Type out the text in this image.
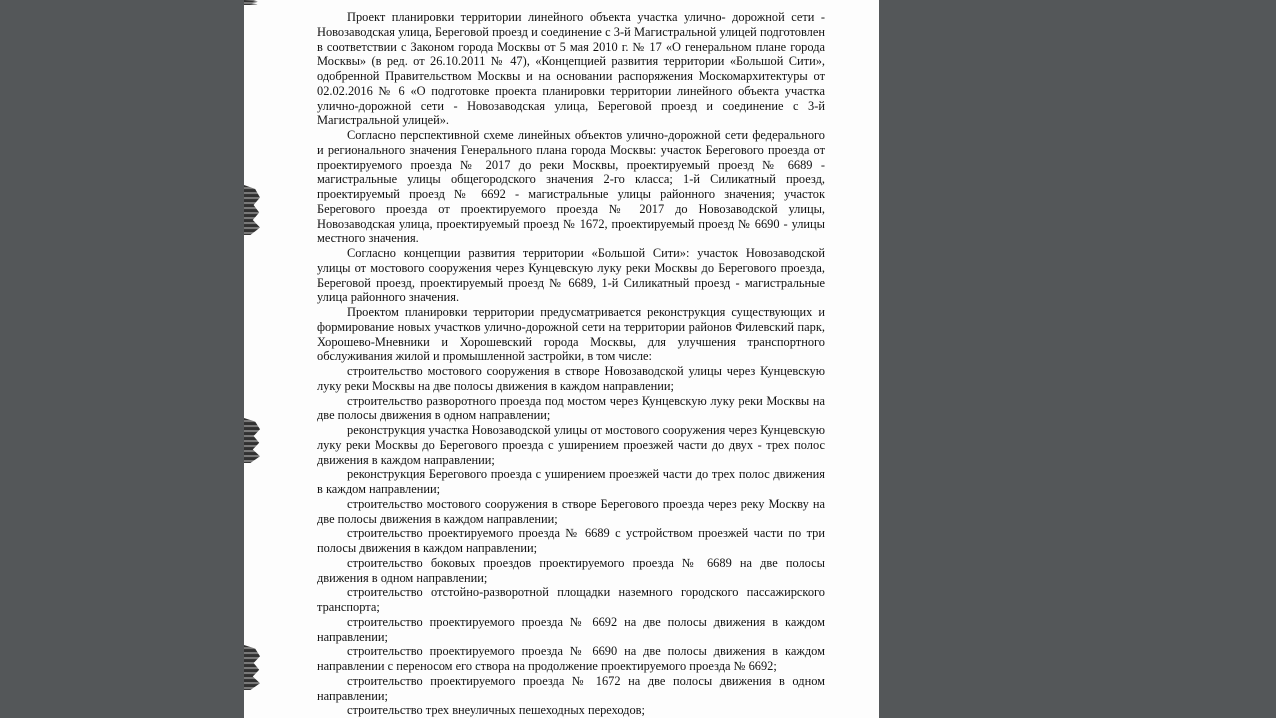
Проект планировки территории линейного объекта участка улично- дорожной сети - Новозаводская улица, Береговой проезд и соединение с 3-й Магистральной улицей подготовлен в соответствии с Законом города Москвы от 5 мая 2010 г. № 17 «О генеральном плане города Москвы» (в ред. от 26.10.2011 № 47), «Концепцией развития территории «Большой Сити», одобренной Правительством Москвы и на основании распоряжения Москомархитектуры от 02.02.2016 № 6 «О подготовке проекта планировки территории линейного объекта участка улично-дорожной сети - Новозаводская улица, Береговой проезд и соединение с 3-й Магистральной улицей».

Согласно перспективной схеме линейных объектов улично-дорожной сети федерального и регионального значения Генерального плана города Москвы: участок Берегового проезда от проектируемого проезда № 2017 до реки Москвы, проектируемый проезд № 6689 - магистральные улицы общегородского значения 2-го класса; 1-й Силикатный проезд, проектируемый проезд № 6692 - магистральные улицы районного значения; участок Берегового проезда от проектируемого проезда № 2017 до Новозаводской улицы, Новозаводская улица, проектируемый проезд № 1672, проектируемый проезд № 6690 - улицы местного значения.

Согласно концепции развития территории «Большой Сити»: участок Новозаводской улицы от мостового сооружения через Кунцевскую луку реки Москвы до Берегового проезда, Береговой проезд, проектируемый проезд № 6689, 1-й Силикатный проезд - магистральные улица районного значения.

Проектом планировки территории предусматривается реконструкция существующих и формирование новых участков улично-дорожной сети на территории районов Филевский парк, Хорошево-Мневники и Хорошевский города Москвы, для улучшения транспортного обслуживания жилой и промышленной застройки, в том числе:

строительство мостового сооружения в створе Новозаводской улицы через Кунцевскую луку реки Москвы на две полосы движения в каждом направлении;

строительство разворотного проезда под мостом через Кунцевскую луку реки Москвы на две полосы движения в одном направлении;

реконструкция участка Новозаводской улицы от мостового сооружения через Кунцевскую луку реки Москвы до Берегового проезда с уширением проезжей части до двух - трех полос движения в каждом направлении;

реконструкция Берегового проезда с уширением проезжей части до трех полос движения в каждом направлении;

строительство мостового сооружения в створе Берегового проезда через реку Москву на две полосы движения в каждом направлении;

строительство проектируемого проезда № 6689 с устройством проезжей части по три полосы движения в каждом направлении;

строительство боковых проездов проектируемого проезда № 6689 на две полосы движения в одном направлении;

строительство отстойно-разворотной площадки наземного городского пассажирского транспорта;

строительство проектируемого проезда № 6692 на две полосы движения в каждом направлении;

строительство проектируемого проезда № 6690 на две полосы движения в каждом направлении с переносом его створа на продолжение проектируемого проезда № 6692;

строительство проектируемого проезда № 1672 на две полосы движения в одном направлении;

строительство трех внеуличных пешеходных переходов;
